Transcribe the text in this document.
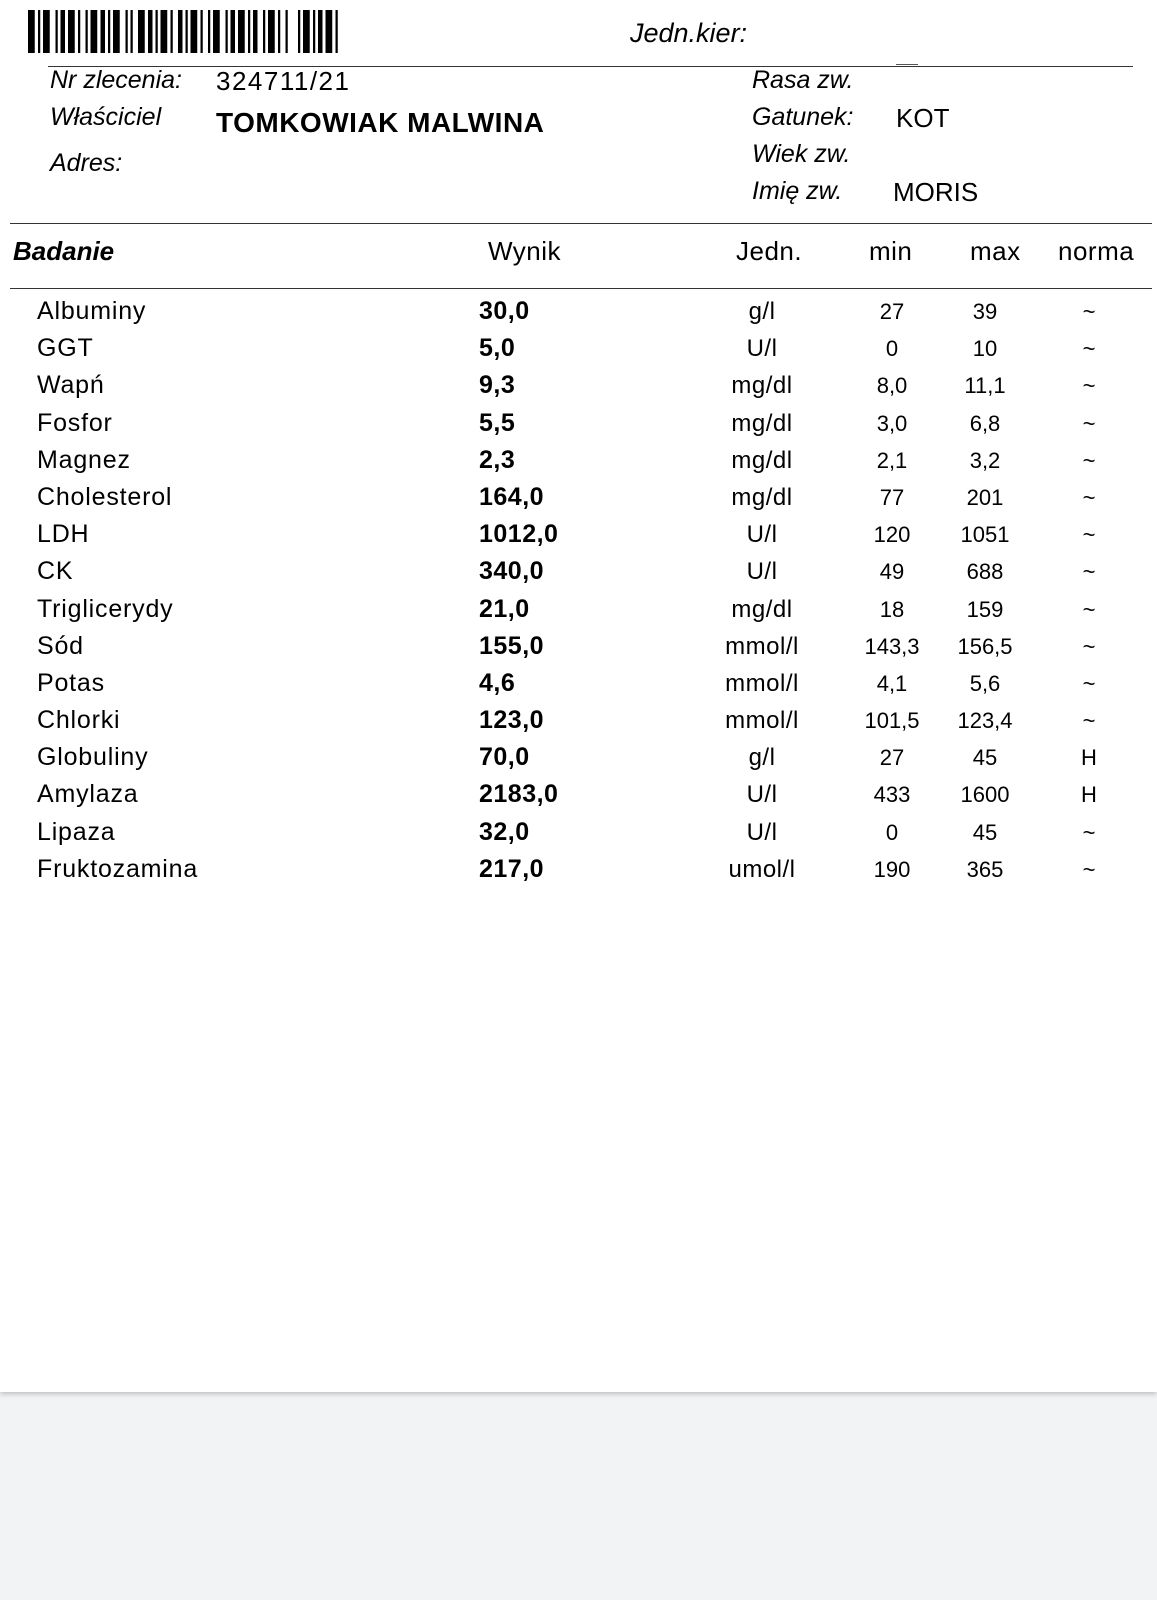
Jedn.kier:
Nr zlecenia: 324711/21
Właściciel TOMKOWIAK MALWINA
Adres:
Rasa zw.
Gatunek: KOT
Wiek zw.
Imię zw. MORIS
Badanie	Wynik	Jedn.	min max norma
Albuminy	30,0	g/l	27	39	~
GGT	5,0	U/l	0	10	~
Wapń	9,3	mg/dl	8,0	11,1	~
Fosfor	5,5	mg/dl	3,0	6,8	~
Magnez	2,3	mg/dl	2,1	3,2	~
Cholesterol	164,0	mg/dl	77	201	~
LDH	1012,0	U/l	120	1051	~
CK	340,0	U/l	49	688	~
Triglicerydy	21,0	mg/dl	18	159	~
Sód	155,0	mmol/l	143,3	156,5	~
Potas	4,6	mmol/l	4,1	5,6	~
Chlorki	123,0	mmol/l	101,5	123,4	~
Globuliny	70,0	g/l	27	45	H
Amylaza	2183,0	U/l	433	1600	H
Lipaza	32,0	U/l	0	45	~
Fruktozamina	217,0	umol/l	190	365	~
